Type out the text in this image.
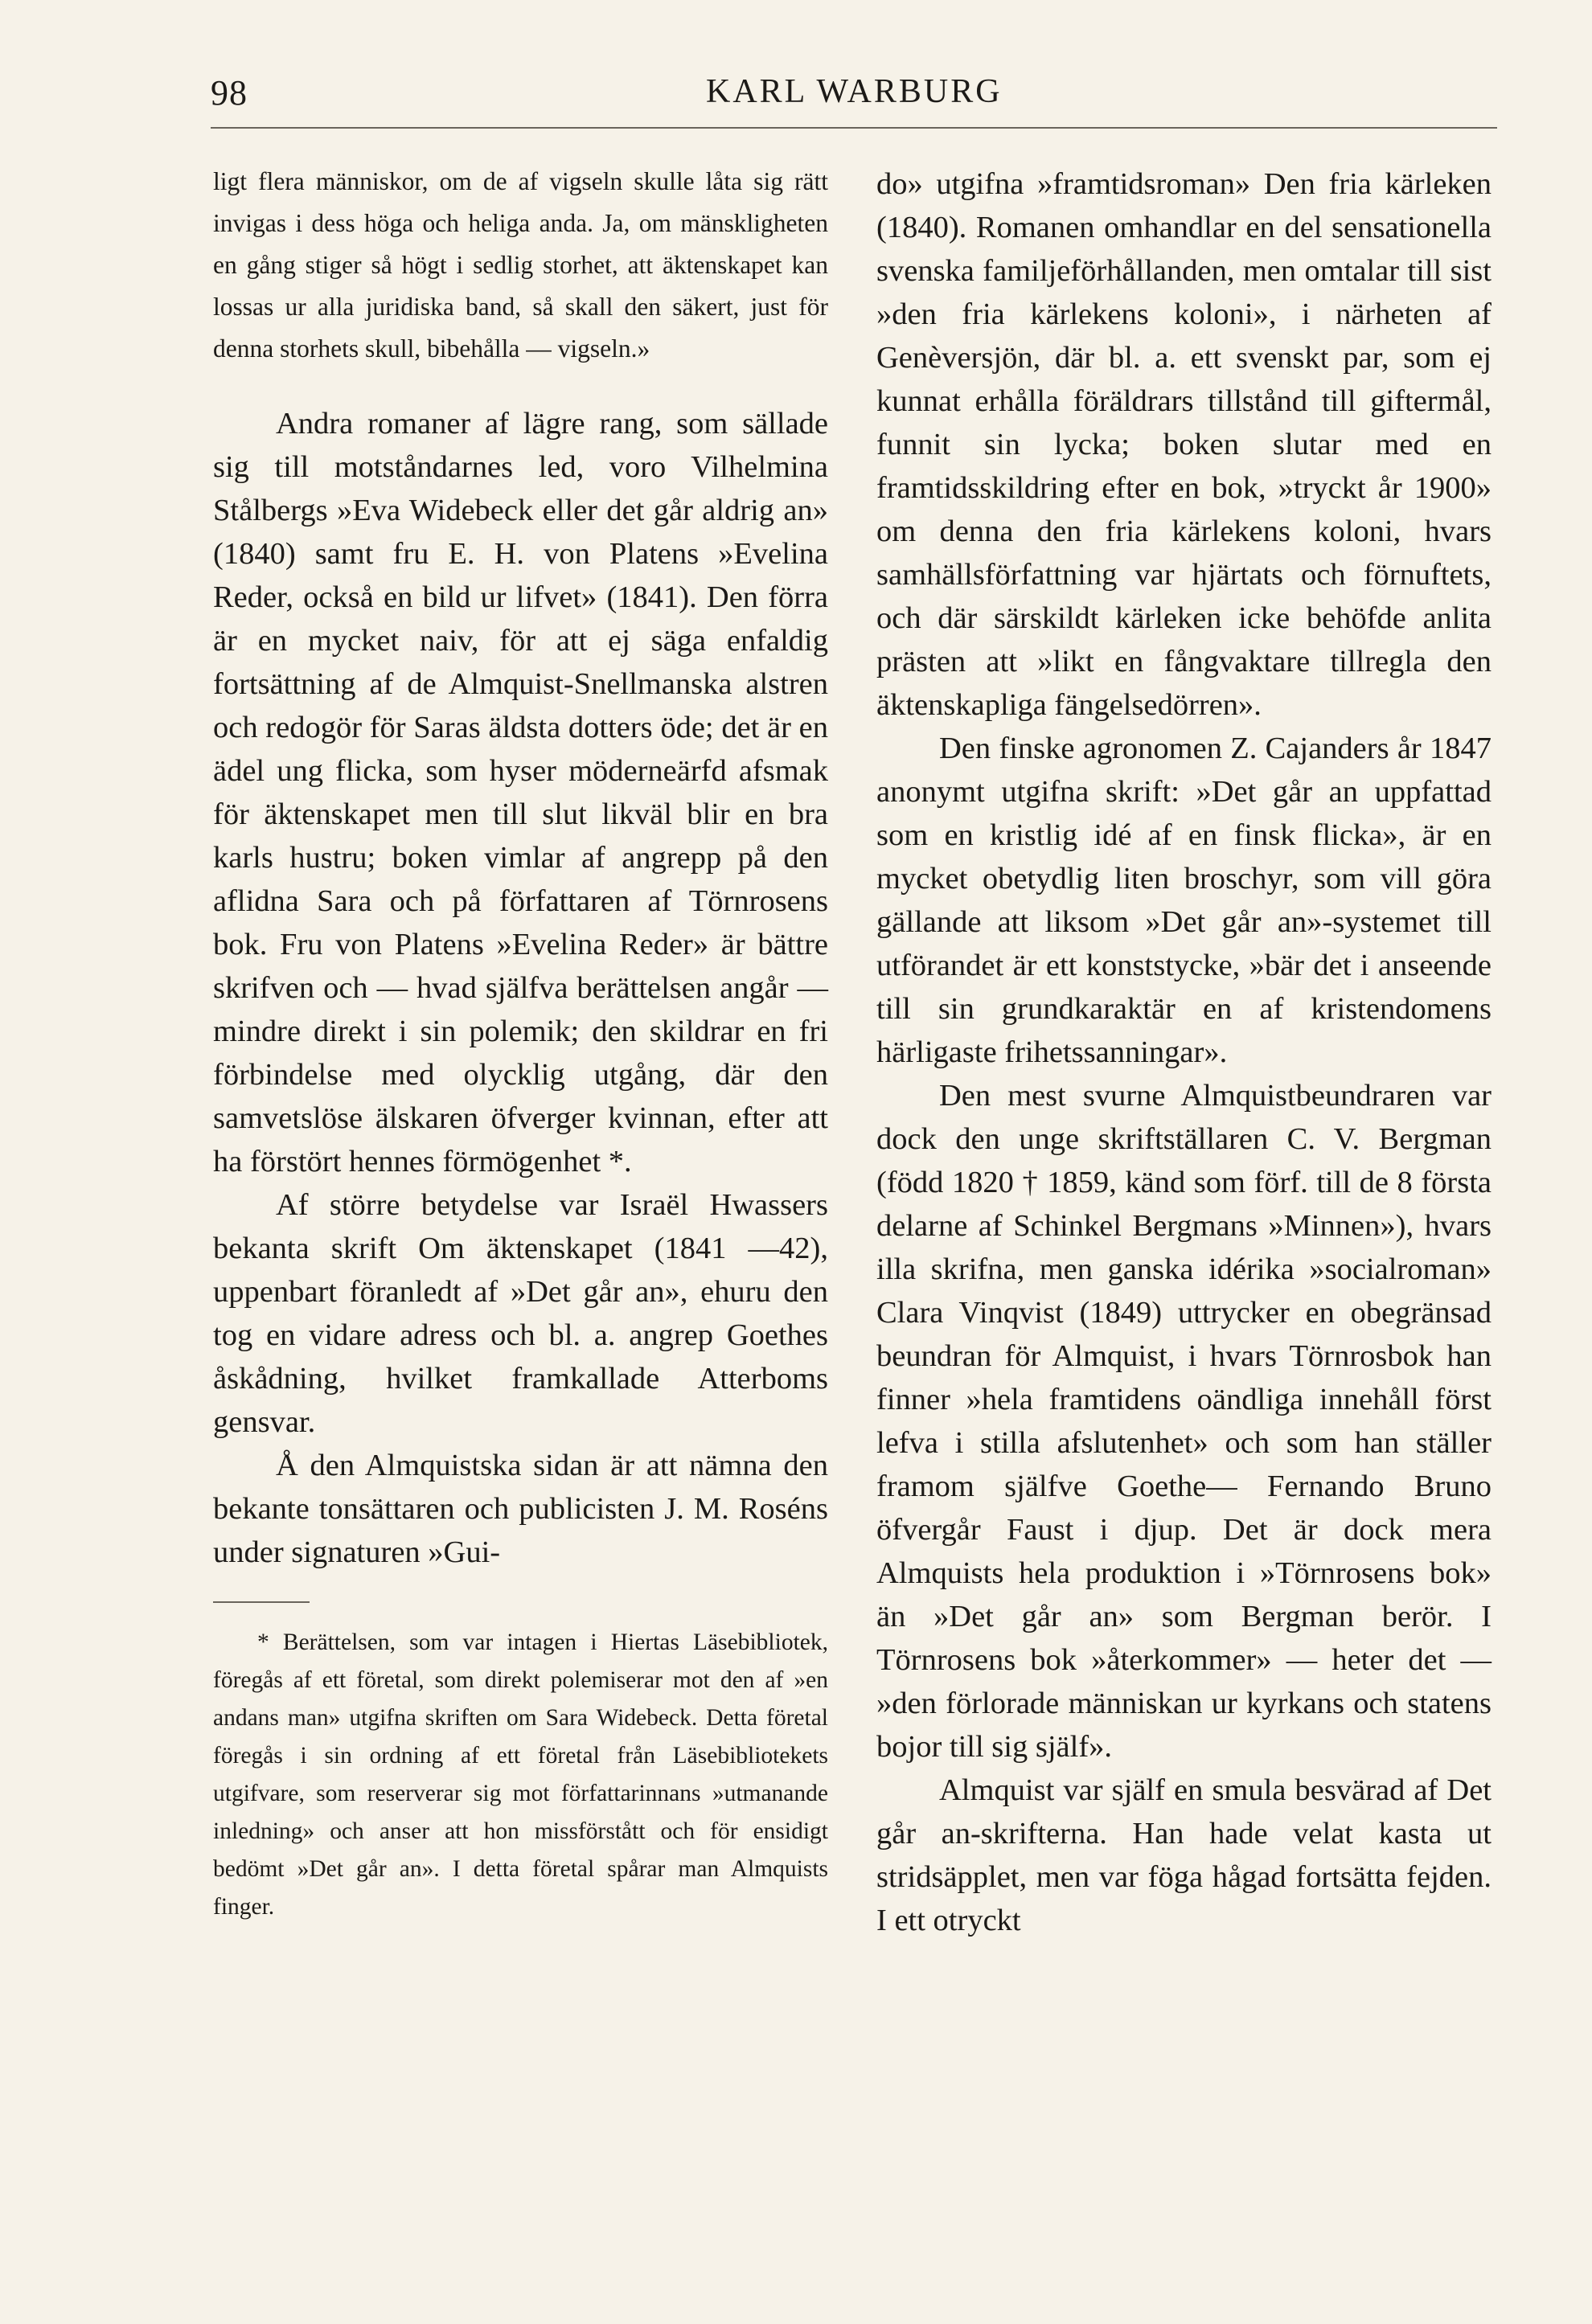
98	KARL WARBURG

ligt flera människor, om de af vigseln skulle låta sig rätt invigas i dess höga och heliga anda. Ja, om mänskligheten en gång stiger så högt i sedlig storhet, att äktenskapet kan lossas ur alla juridiska band, så skall den säkert, just för denna storhets skull, bibehålla — vigseln.»

Andra romaner af lägre rang, som sällade sig till motståndarnes led, voro Vilhelmina Stålbergs »Eva Widebeck eller det går aldrig an» (1840) samt fru E. H. von Platens »Evelina Reder, också en bild ur lifvet» (1841). Den förra är en mycket naiv, för att ej säga enfaldig fortsättning af de Almquist-Snellmanska alstren och redogör för Saras äldsta dotters öde; det är en ädel ung flicka, som hyser möderneärfd afsmak för äktenskapet men till slut likväl blir en bra karls hustru; boken vimlar af angrepp på den aflidna Sara och på författaren af Törnrosens bok. Fru von Platens »Evelina Reder» är bättre skrifven och — hvad själfva berättelsen angår — mindre direkt i sin polemik; den skildrar en fri förbindelse med olycklig utgång, där den samvetslöse älskaren öfverger kvinnan, efter att ha förstört hennes förmögenhet *.

Af större betydelse var Israël Hwassers bekanta skrift Om äktenskapet (1841 —42), uppenbart föranledt af »Det går an», ehuru den tog en vidare adress och bl. a. angrep Goethes åskådning, hvilket framkallade Atterboms gensvar.

Å den Almquistska sidan är att nämna den bekante tonsättaren och publicisten J. M. Roséns under signaturen »Gui-

* Berättelsen, som var intagen i Hiertas Läsebibliotek, föregås af ett företal, som direkt polemiserar mot den af »en andans man» utgifna skriften om Sara Widebeck. Detta företal föregås i sin ordning af ett företal från Läsebibliotekets utgifvare, som reserverar sig mot författarinnans »utmanande inledning» och anser att hon missförstått och för ensidigt bedömt »Det går an». I detta företal spårar man Almquists finger.

do» utgifna »framtidsroman» Den fria kärleken (1840). Romanen omhandlar en del sensationella svenska familjeförhållanden, men omtalar till sist »den fria kärlekens koloni», i närheten af Genèversjön, där bl. a. ett svenskt par, som ej kunnat erhålla föräldrars tillstånd till giftermål, funnit sin lycka; boken slutar med en framtidsskildring efter en bok, »tryckt år 1900» om denna den fria kärlekens koloni, hvars samhällsförfattning var hjärtats och förnuftets, och där särskildt kärleken icke behöfde anlita prästen att »likt en fångvaktare tillregla den äktenskapliga fängelsedörren».

Den finske agronomen Z. Cajanders år 1847 anonymt utgifna skrift: »Det går an uppfattad som en kristlig idé af en finsk flicka», är en mycket obetydlig liten broschyr, som vill göra gällande att liksom »Det går an»-systemet till utförandet är ett konststycke, »bär det i anseende till sin grundkaraktär en af kristendomens härligaste frihetssanningar».

Den mest svurne Almquistbeundraren var dock den unge skriftställaren C. V. Bergman (född 1820 † 1859, känd som förf. till de 8 första delarne af Schinkel Bergmans »Minnen»), hvars illa skrifna, men ganska idérika »socialroman» Clara Vinqvist (1849) uttrycker en obegränsad beundran för Almquist, i hvars Törnrosbok han finner »hela framtidens oändliga innehåll först lefva i stilla afslutenhet» och som han ställer framom själfve Goethe— Fernando Bruno öfvergår Faust i djup. Det är dock mera Almquists hela produktion i »Törnrosens bok» än »Det går an» som Bergman berör. I Törnrosens bok »återkommer» — heter det — »den förlorade människan ur kyrkans och statens bojor till sig själf».

Almquist var själf en smula besvärad af Det går an-skrifterna. Han hade velat kasta ut stridsäpplet, men var föga hågad fortsätta fejden. I ett otryckt
